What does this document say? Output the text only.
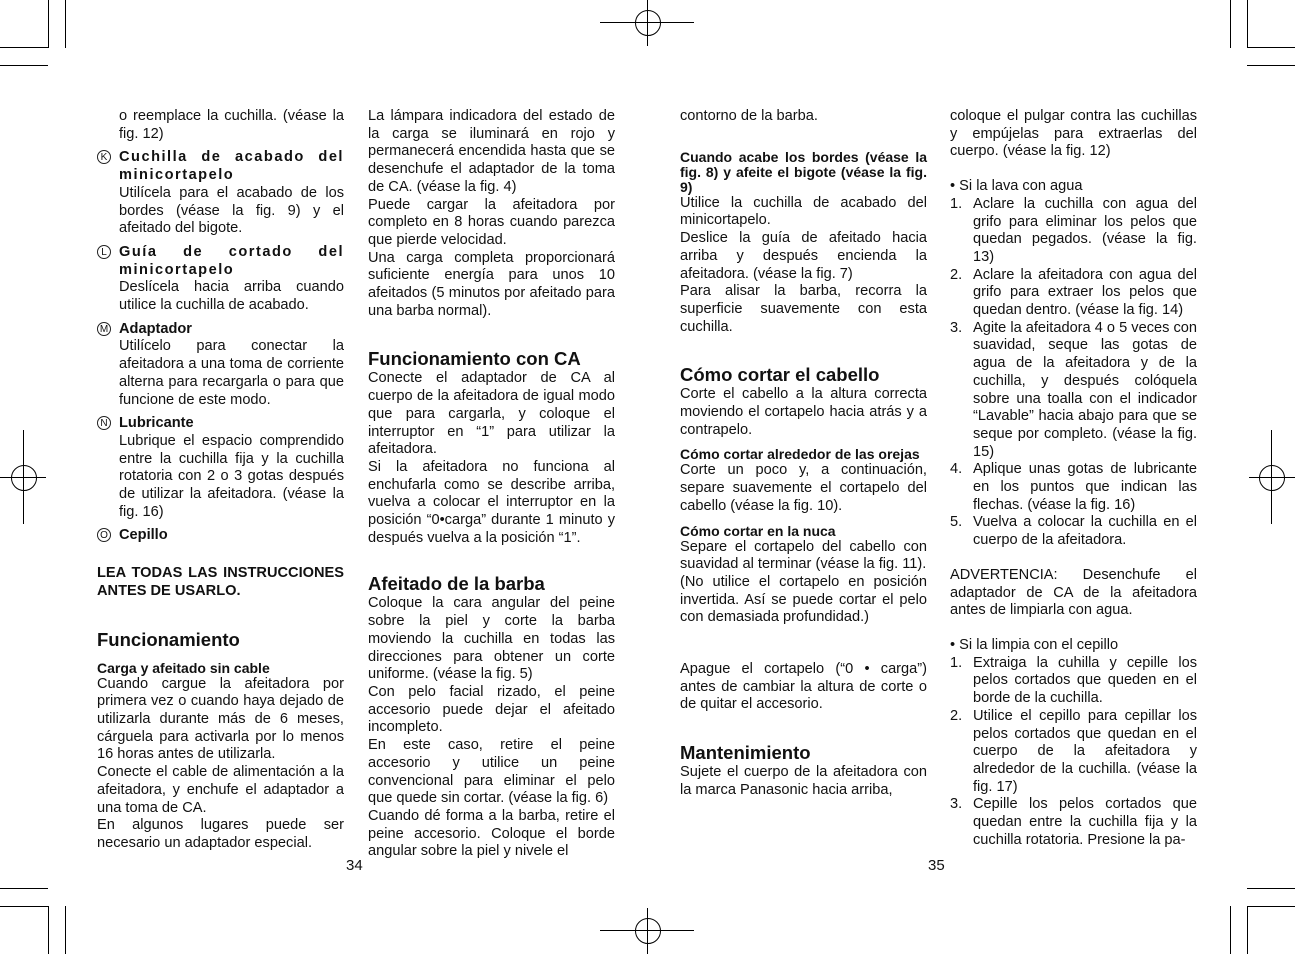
o reemplace la cuchilla. (véase la fig. 12)

K Cuchilla de acabado del minicortapelo

Utilícela para el acabado de los bordes (véase la fig. 9) y el afeitado del bigote.

L Guía de cortado del minicortapelo

Deslícela hacia arriba cuando utilice la cuchilla de acabado.

M Adaptador

Utilícelo para conectar la afeitadora a una toma de corriente alterna para recargarla o para que funcione de este modo.

N Lubricante

Lubrique el espacio comprendido entre la cuchilla fija y la cuchilla rotatoria con 2 o 3 gotas después de utilizar la afeitadora. (véase la fig. 16)

O Cepillo

LEA TODAS LAS INSTRUCCIONES ANTES DE USARLO.

Funcionamiento

Carga y afeitado sin cable

Cuando cargue la afeitadora por primera vez o cuando haya dejado de utilizarla durante más de 6 meses, cárguela para activarla por lo menos 16 horas antes de utilizarla.

Conecte el cable de alimentación a la afeitadora, y enchufe el adaptador a una toma de CA.

En algunos lugares puede ser necesario un adaptador especial.

La lámpara indicadora del estado de la carga se iluminará en rojo y permanecerá encendida hasta que se desenchufe el adaptador de la toma de CA. (véase la fig. 4)

Puede cargar la afeitadora por completo en 8 horas cuando parezca que pierde velocidad.

Una carga completa proporcionará suficiente energía para unos 10 afeitados (5 minutos por afeitado para una barba normal).

Funcionamiento con CA

Conecte el adaptador de CA al cuerpo de la afeitadora de igual modo que para cargarla, y coloque el interruptor en “1” para utilizar la afeitadora.

Si la afeitadora no funciona al enchufarla como se describe arriba, vuelva a colocar el interruptor en la posición “0•carga” durante 1 minuto y después vuelva a la posición “1”.

Afeitado de la barba

Coloque la cara angular del peine sobre la piel y corte la barba moviendo la cuchilla en todas las direcciones para obtener un corte uniforme. (véase la fig. 5)

Con pelo facial rizado, el peine accesorio puede dejar el afeitado incompleto.

En este caso, retire el peine accesorio y utilice un peine convencional para eliminar el pelo que quede sin cortar. (véase la fig. 6)

Cuando dé forma a la barba, retire el peine accesorio. Coloque el borde angular sobre la piel y nivele el

contorno de la barba.

Cuando acabe los bordes (véase la fig. 8) y afeite el bigote (véase la fig. 9)

Utilice la cuchilla de acabado del minicortapelo.

Deslice la guía de afeitado hacia arriba y después encienda la afeitadora. (véase la fig. 7)

Para alisar la barba, recorra la superficie suavemente con esta cuchilla.

Cómo cortar el cabello

Corte el cabello a la altura correcta moviendo el cortapelo hacia atrás y a contrapelo.

Cómo cortar alrededor de las orejas

Corte un poco y, a continuación, separe suavemente el cortapelo del cabello (véase la fig. 10).

Cómo cortar en la nuca

Separe el cortapelo del cabello con suavidad al terminar (véase la fig. 11).

(No utilice el cortapelo en posición invertida. Así se puede cortar el pelo con demasiada profundidad.)

Apague el cortapelo (“0 • carga”) antes de cambiar la altura de corte o de quitar el accesorio.

Mantenimiento

Sujete el cuerpo de la afeitadora con la marca Panasonic hacia arriba,

coloque el pulgar contra las cuchillas y empújelas para extraerlas del cuerpo. (véase la fig. 12)

• Si la lava con agua

1. Aclare la cuchilla con agua del grifo para eliminar los pelos que quedan pegados. (véase la fig. 13)

2. Aclare la afeitadora con agua del grifo para extraer los pelos que quedan dentro. (véase la fig. 14)

3. Agite la afeitadora 4 o 5 veces con suavidad, seque las gotas de agua de la afeitadora y de la cuchilla, y después colóquela sobre una toalla con el indicador “Lavable” hacia abajo para que se seque por completo. (véase la fig. 15)

4. Aplique unas gotas de lubricante en los puntos que indican las flechas. (véase la fig. 16)

5. Vuelva a colocar la cuchilla en el cuerpo de la afeitadora.

ADVERTENCIA: Desenchufe el adaptador de CA de la afeitadora antes de limpiarla con agua.

• Si la limpia con el cepillo

1. Extraiga la cuhilla y cepille los pelos cortados que queden en el borde de la cuchilla.

2. Utilice el cepillo para cepillar los pelos cortados que quedan en el cuerpo de la afeitadora y alrededor de la cuchilla. (véase la fig. 17)

3. Cepille los pelos cortados que quedan entre la cuchilla fija y la cuchilla rotatoria. Presione la pa-

34	35
